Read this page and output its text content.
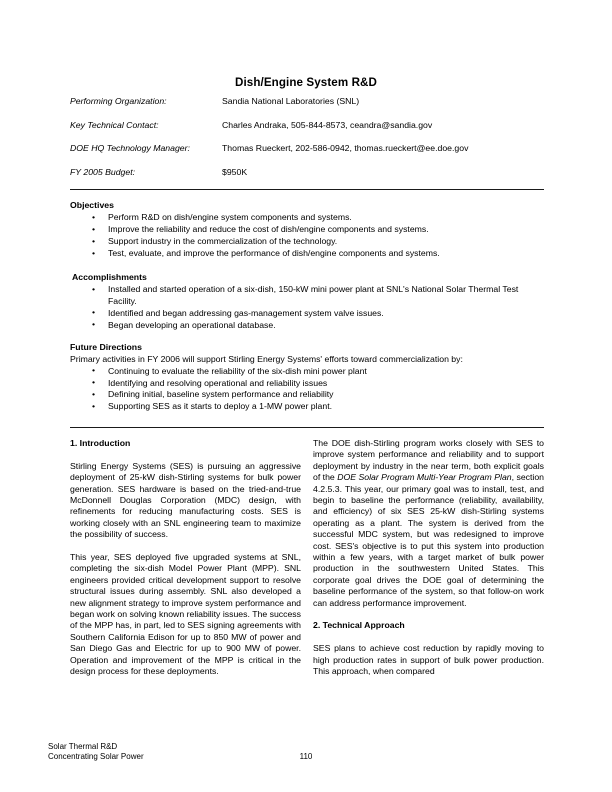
Dish/Engine System R&D
Performing Organization:	Sandia National Laboratories (SNL)
Key Technical Contact:	Charles Andraka, 505-844-8573, ceandra@sandia.gov
DOE HQ Technology Manager:	Thomas Rueckert, 202-586-0942, thomas.rueckert@ee.doe.gov
FY 2005 Budget:	$950K
Objectives
• Perform R&D on dish/engine system components and systems.
• Improve the reliability and reduce the cost of dish/engine components and systems.
• Support industry in the commercialization of the technology.
• Test, evaluate, and improve the performance of dish/engine components and systems.
Accomplishments
• Installed and started operation of a six-dish, 150-kW mini power plant at SNL's National Solar Thermal Test Facility.
• Identified and began addressing gas-management system valve issues.
• Began developing an operational database.
Future Directions
Primary activities in FY 2006 will support Stirling Energy Systems' efforts toward commercialization by:
• Continuing to evaluate the reliability of the six-dish mini power plant
• Identifying and resolving operational and reliability issues
• Defining initial, baseline system performance and reliability
• Supporting SES as it starts to deploy a 1-MW power plant.
1. Introduction

Stirling Energy Systems (SES) is pursuing an aggressive deployment of 25-kW dish-Stirling systems for bulk power generation. SES hardware is based on the tried-and-true McDonnell Douglas Corporation (MDC) design, with refinements for reducing manufacturing costs. SES is working closely with an SNL engineering team to maximize the possibility of success.

This year, SES deployed five upgraded systems at SNL, completing the six-dish Model Power Plant (MPP). SNL engineers provided critical development support to resolve structural issues during assembly. SNL also developed a new alignment strategy to improve system performance and began work on solving known reliability issues. The success of the MPP has, in part, led to SES signing agreements with Southern California Edison for up to 850 MW of power and San Diego Gas and Electric for up to 900 MW of power. Operation and improvement of the MPP is critical in the design process for these deployments.

The DOE dish-Stirling program works closely with SES to improve system performance and reliability and to support deployment by industry in the near term, both explicit goals of the DOE Solar Program Multi-Year Program Plan, section 4.2.5.3. This year, our primary goal was to install, test, and begin to baseline the performance (reliability, availability, and efficiency) of six SES 25-kW dish-Stirling systems operating as a plant. The system is derived from the successful MDC system, but was redesigned to improve cost. SES's objective is to put this system into production within a few years, with a target market of bulk power production in the southwestern United States. This corporate goal drives the DOE goal of determining the baseline performance of the system, so that follow-on work can address performance improvement.

2. Technical Approach

SES plans to achieve cost reduction by rapidly moving to high production rates in support of bulk power production. This approach, when compared

Solar Thermal R&D
Concentrating Solar Power	110
